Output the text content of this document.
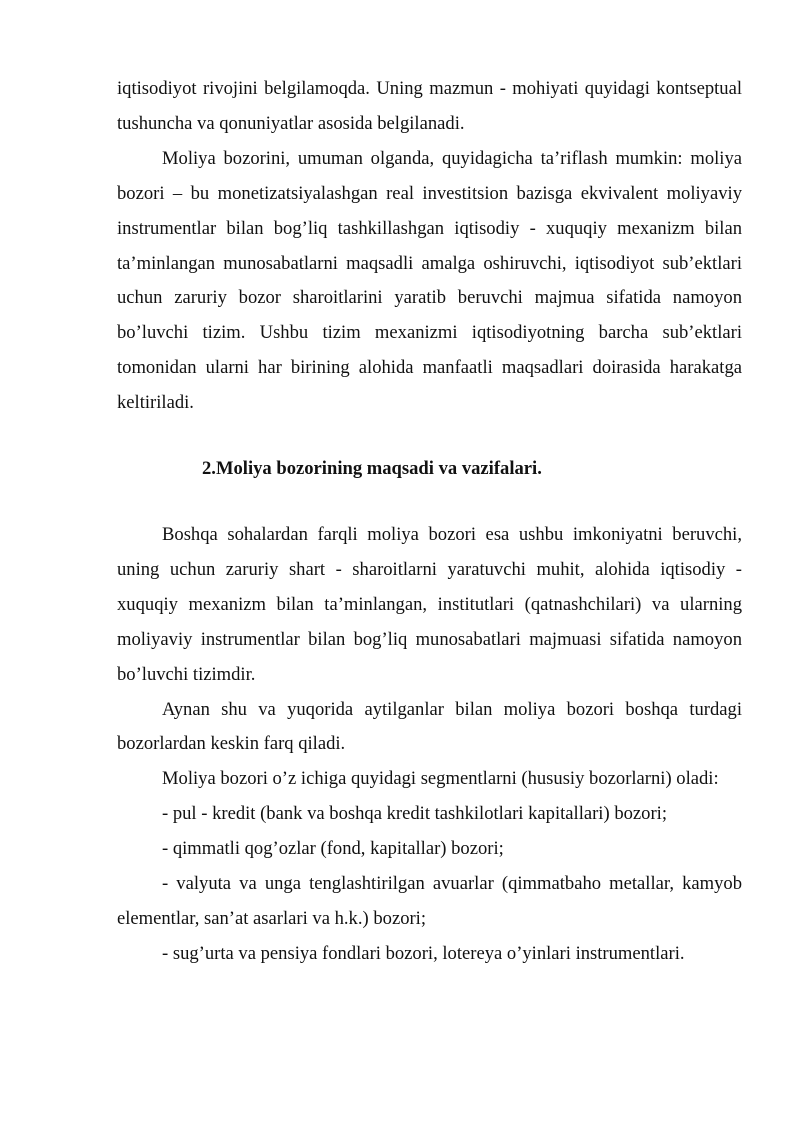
iqtisodiyot rivojini belgilamoqda. Uning mazmun - mohiyati quyidagi kontseptual tushuncha va qonuniyatlar asosida belgilanadi.

Moliya bozorini, umuman olganda, quyidagicha ta’riflash mumkin: moliya bozori – bu monetizatsiyalashgan real investitsion bazisga ekvivalent moliyaviy instrumentlar bilan bog’liq tashkillashgan iqtisodiy - xuquqiy mexanizm bilan ta’minlangan munosabatlarni maqsadli amalga oshiruvchi, iqtisodiyot sub’ektlari uchun zaruriy bozor sharoitlarini yaratib beruvchi majmua sifatida namoyon bo’luvchi tizim. Ushbu tizim mexanizmi iqtisodiyotning barcha sub’ektlari tomonidan ularni har birining alohida manfaatli maqsadlari doirasida harakatga keltiriladi.

2.Moliya bozorining maqsadi va vazifalari.

Boshqa sohalardan farqli moliya bozori esa ushbu imkoniyatni beruvchi, uning uchun zaruriy shart - sharoitlarni yaratuvchi muhit, alohida iqtisodiy - xuquqiy mexanizm bilan ta’minlangan, institutlari (qatnashchilari) va ularning moliyaviy instrumentlar bilan bog’liq munosabatlari majmuasi sifatida namoyon bo’luvchi tizimdir.

Aynan shu va yuqorida aytilganlar bilan moliya bozori boshqa turdagi bozorlardan keskin farq qiladi.

Moliya bozori o’z ichiga quyidagi segmentlarni (hususiy bozorlarni) oladi:

- pul - kredit (bank va boshqa kredit tashkilotlari kapitallari) bozori;

- qimmatli qog’ozlar (fond, kapitallar) bozori;

- valyuta va unga tenglashtirilgan avuarlar (qimmatbaho metallar, kamyob elementlar, san’at asarlari va h.k.) bozori;

- sug’urta va pensiya fondlari bozori, lotereya o’yinlari instrumentlari.
